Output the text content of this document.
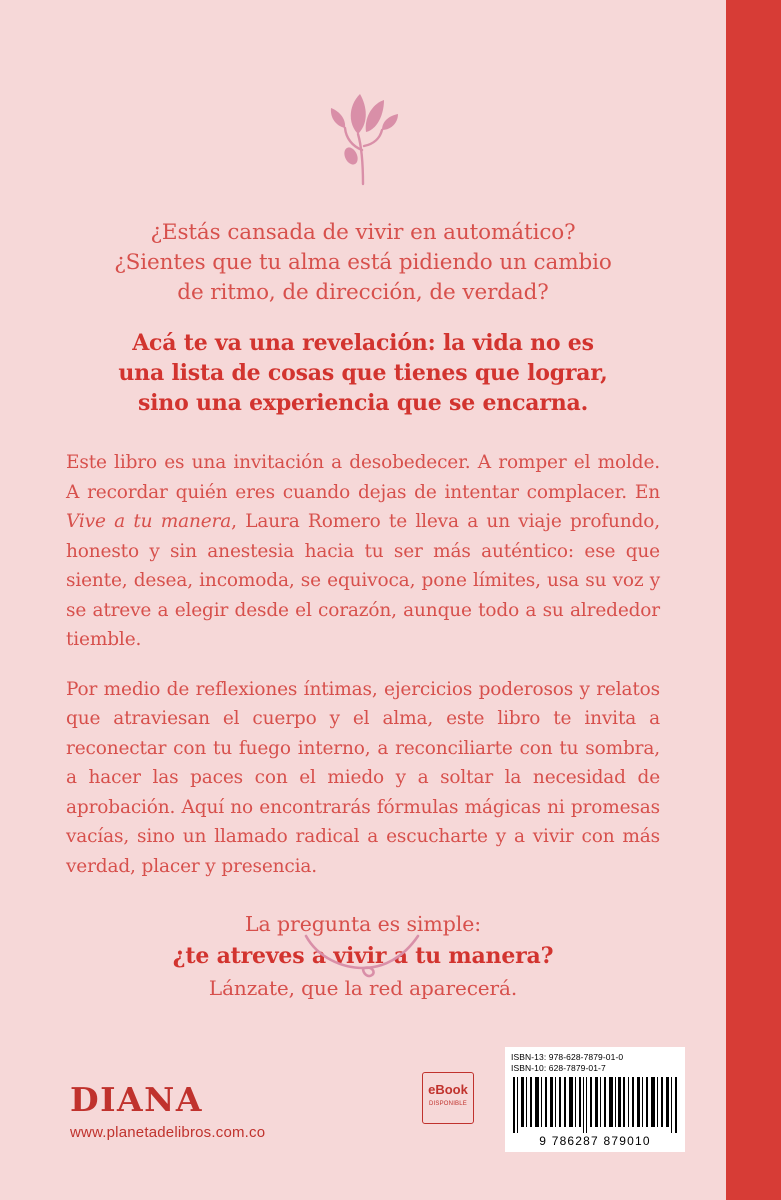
¿Estás cansada de vivir en automático?
¿Sientes que tu alma está pidiendo un cambio
de ritmo, de dirección, de verdad?
Acá te va una revelación: la vida no es
una lista de cosas que tienes que lograr,
sino una experiencia que se encarna.

Este libro es una invitación a desobedecer. A romper el molde. A recordar quién eres cuando dejas de intentar complacer. En Vive a tu manera, Laura Romero te lleva a un viaje profundo, honesto y sin anestesia hacia tu ser más auténtico: ese que siente, desea, incomoda, se equivoca, pone límites, usa su voz y se atreve a elegir desde el corazón, aunque todo a su alrededor tiemble.

Por medio de reflexiones íntimas, ejercicios poderosos y relatos que atraviesan el cuerpo y el alma, este libro te invita a reconectar con tu fuego interno, a reconciliarte con tu sombra, a hacer las paces con el miedo y a soltar la necesidad de aprobación. Aquí no encontrarás fórmulas mágicas ni promesas vacías, sino un llamado radical a escucharte y a vivir con más verdad, placer y presencia.

La pregunta es simple:
¿te atreves a vivir a tu manera?
Lánzate, que la red aparecerá.

DIANA

www.planetadelibros.com.co

eBook
DISPONIBLE
ISBN-13: 978-628-7879-01-0
ISBN-10: 628-7879-01-7
9 786287 879010
